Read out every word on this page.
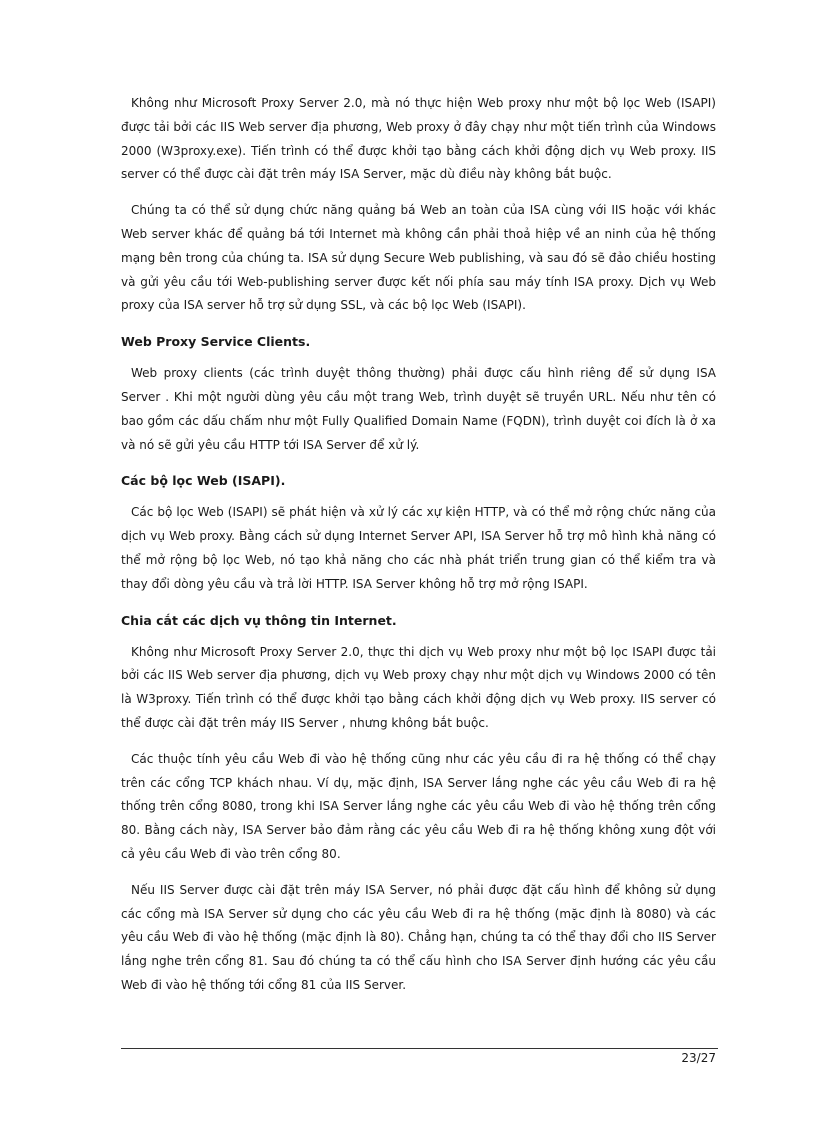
Không như Microsoft Proxy Server 2.0, mà nó thực hiện Web proxy như một bộ lọc Web (ISAPI) được tải bởi các IIS Web server địa phương, Web proxy ở đây chạy như một tiến trình của Windows 2000 (W3proxy.exe). Tiến trình có thể được khởi tạo bằng cách khởi động dịch vụ Web proxy. IIS server có thể được cài đặt trên máy ISA Server, mặc dù điều này không bắt buộc.

Chúng ta có thể sử dụng chức năng quảng bá Web an toàn của ISA cùng với IIS hoặc với khác Web server khác để quảng bá tới Internet mà không cần phải thoả hiệp về an ninh của hệ thống mạng bên trong của chúng ta. ISA sử dụng Secure Web publishing, và sau đó sẽ đảo chiều hosting và gửi yêu cầu tới Web-publishing server được kết nối phía sau máy tính ISA proxy. Dịch vụ Web proxy của ISA server hỗ trợ sử dụng SSL, và các bộ lọc Web (ISAPI).

Web Proxy Service Clients.

Web proxy clients (các trình duyệt thông thường) phải được cấu hình riêng để sử dụng ISA Server . Khi một người dùng yêu cầu một trang Web, trình duyệt sẽ truyền URL. Nếu như tên có bao gồm các dấu chấm như một Fully Qualified Domain Name (FQDN), trình duyệt coi đích là ở xa và nó sẽ gửi yêu cầu HTTP tới ISA Server để xử lý.

Các bộ lọc Web (ISAPI).

Các bộ lọc Web (ISAPI) sẽ phát hiện và xử lý các xự kiện HTTP, và có thể mở rộng chức năng của dịch vụ Web proxy. Bằng cách sử dụng Internet Server API, ISA Server hỗ trợ mô hình khả năng có thể mở rộng bộ lọc Web, nó tạo khả năng cho các nhà phát triển trung gian có thể kiểm tra và thay đổi dòng yêu cầu và trả lời HTTP. ISA Server không hỗ trợ mở rộng ISAPI.

Chia cắt các dịch vụ thông tin Internet.

Không như Microsoft Proxy Server 2.0, thực thi dịch vụ Web proxy như một bộ lọc ISAPI được tải bởi các IIS Web server địa phương, dịch vụ Web proxy chạy như một dịch vụ Windows 2000 có tên là W3proxy. Tiến trình có thể được khởi tạo bằng cách khởi động dịch vụ Web proxy. IIS server có thể được cài đặt trên máy IIS Server , nhưng không bắt buộc.

Các thuộc tính yêu cầu Web đi vào hệ thống cũng như các yêu cầu đi ra hệ thống có thể chạy trên các cổng TCP khách nhau. Ví dụ, mặc định, ISA Server lắng nghe các yêu cầu Web đi ra hệ thống trên cổng 8080, trong khi ISA Server lắng nghe các yêu cầu Web đi vào hệ thống trên cổng 80. Bằng cách này, ISA Server bảo đảm rằng các yêu cầu Web đi ra hệ thống không xung đột với cả yêu cầu Web đi vào trên cổng 80.

Nếu IIS Server được cài đặt trên máy ISA Server, nó phải được đặt cấu hình để không sử dụng các cổng mà ISA Server sử dụng cho các yêu cầu Web đi ra hệ thống (mặc định là 8080) và các yêu cầu Web đi vào hệ thống (mặc định là 80). Chẳng hạn, chúng ta có thể thay đổi cho IIS Server lắng nghe trên cổng 81. Sau đó chúng ta có thể cấu hình cho ISA Server định hướng các yêu cầu Web đi vào hệ thống tới cổng 81 của IIS Server.

23/27
